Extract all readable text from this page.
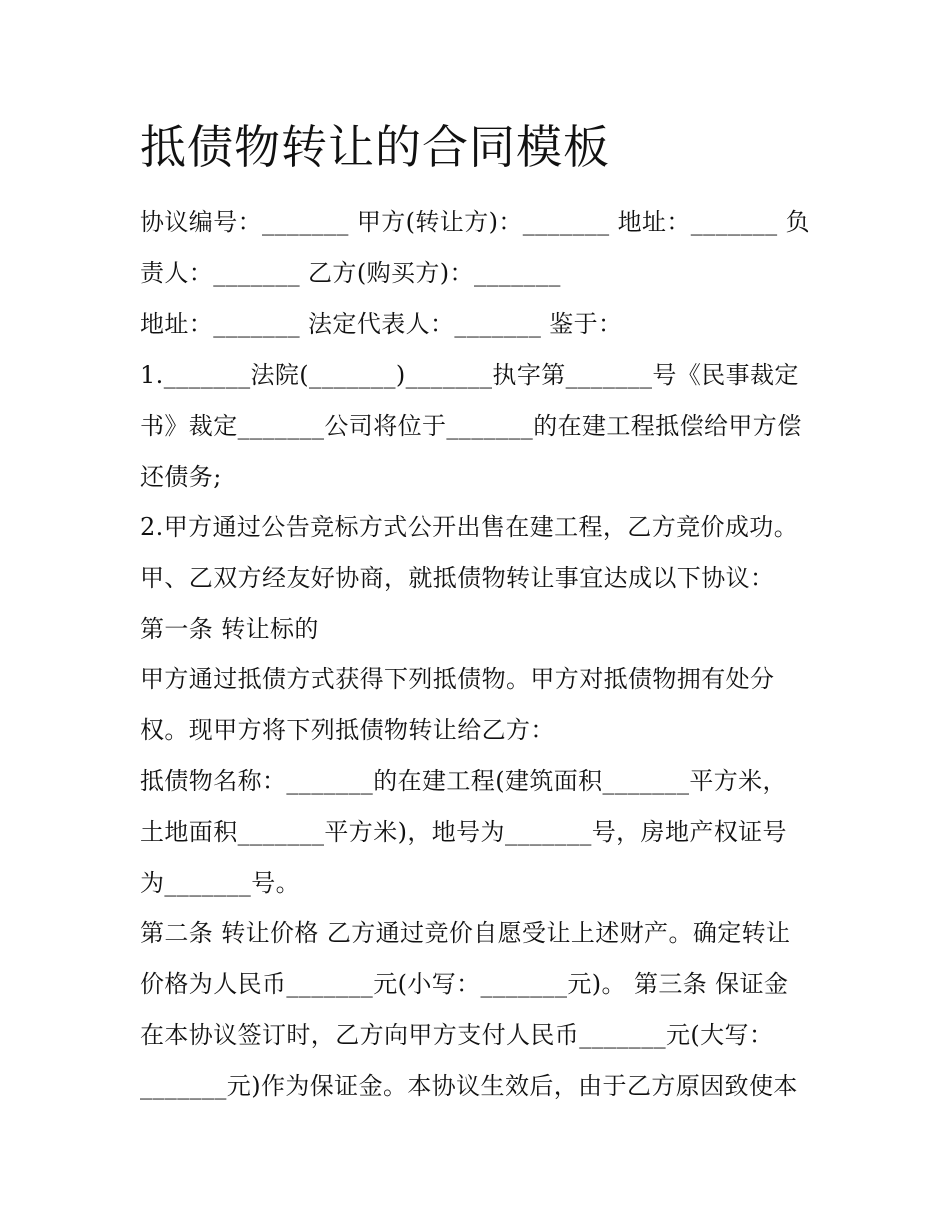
抵债物转让的合同模板
协议编号：_______ 甲方(转让方)：_______ 地址：_______ 负
责人：_______ 乙方(购买方)：_______
地址：_______ 法定代表人：_______ 鉴于：
1._______法院(_______)_______执字第_______号《民事裁定
书》裁定_______公司将位于_______的在建工程抵偿给甲方偿
还债务;
2.甲方通过公告竞标方式公开出售在建工程，乙方竞价成功。
甲、乙双方经友好协商，就抵债物转让事宜达成以下协议：
第一条 转让标的
甲方通过抵债方式获得下列抵债物。甲方对抵债物拥有处分
权。现甲方将下列抵债物转让给乙方：
抵债物名称：_______的在建工程(建筑面积_______平方米，
土地面积_______平方米)，地号为_______号，房地产权证号
为_______号。
第二条 转让价格 乙方通过竞价自愿受让上述财产。确定转让
价格为人民币_______元(小写：_______元)。 第三条 保证金
在本协议签订时，乙方向甲方支付人民币_______元(大写：
_______元)作为保证金。本协议生效后，由于乙方原因致使本
